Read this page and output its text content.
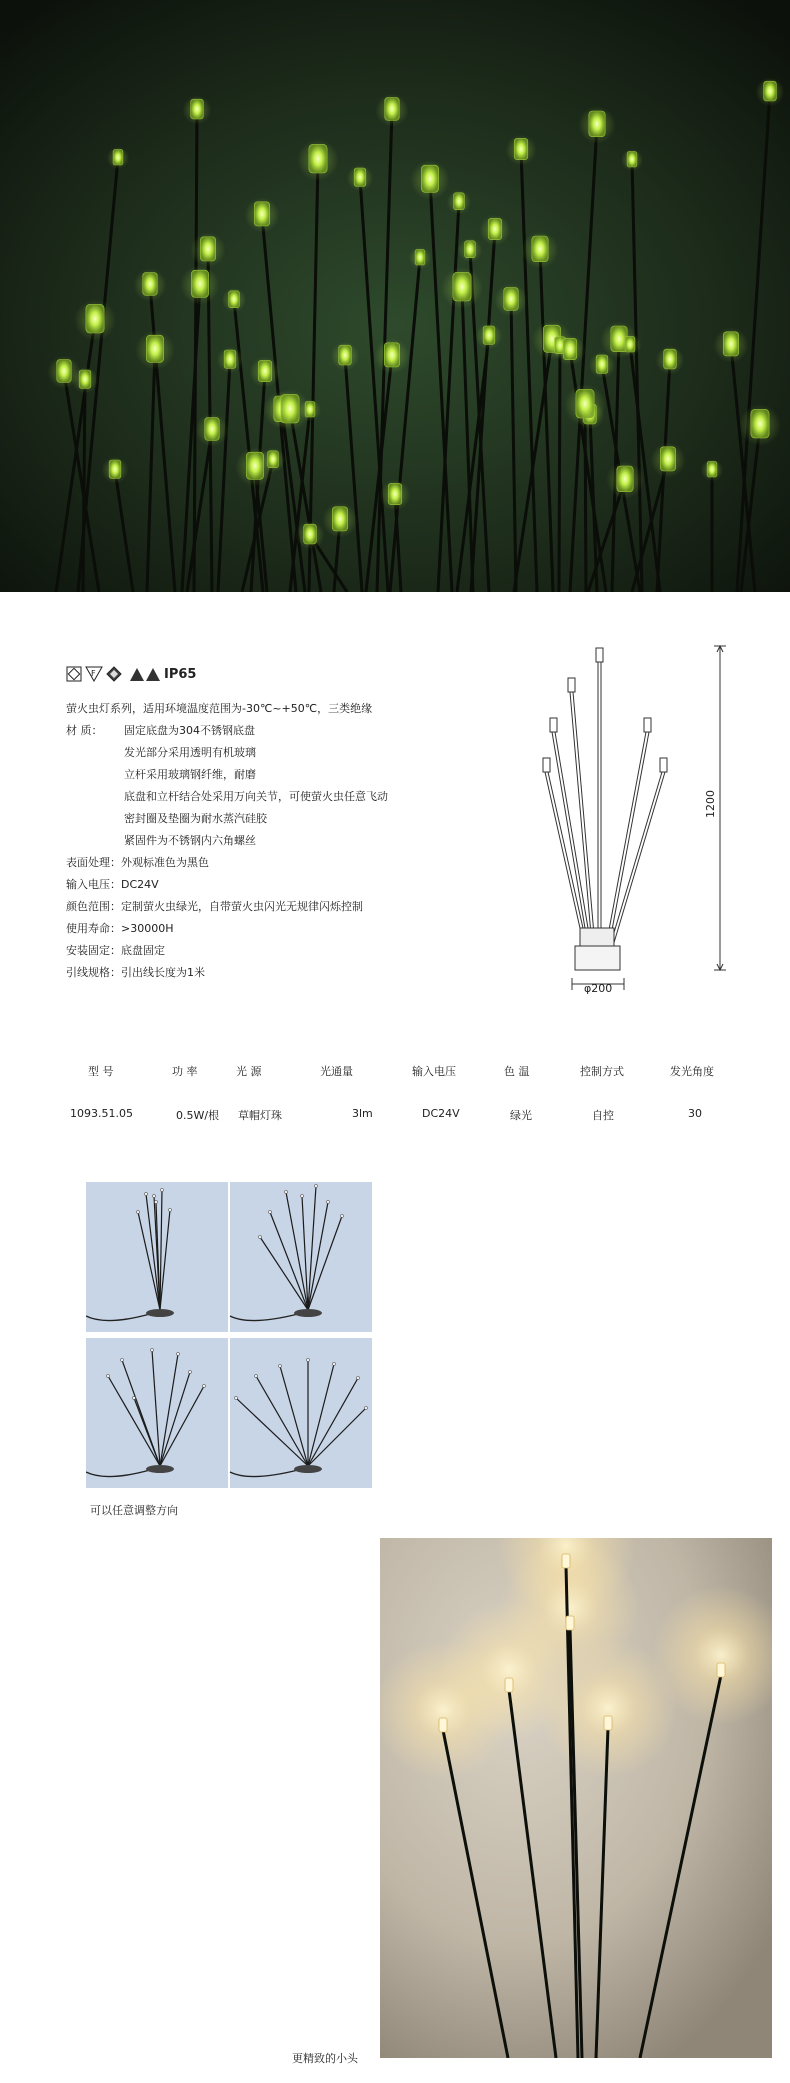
F	IP65
萤火虫灯系列，适用环境温度范围为-30℃~+50℃，三类绝缘
材 质： 固定底盘为304不锈钢底盘
发光部分采用透明有机玻璃
立杆采用玻璃钢纤维，耐磨
底盘和立杆结合处采用万向关节，可使萤火虫任意飞动
密封圈及垫圈为耐水蒸汽硅胶
紧固件为不锈钢内六角螺丝
表面处理：外观标准色为黑色
输入电压：DC24V
颜色范围：定制萤火虫绿光，自带萤火虫闪光无规律闪烁控制
使用寿命：>30000H
安装固定：底盘固定
引线规格：引出线长度为1米
1200
φ200
型 号	功 率	光 源	光通量	输入电压	色 温	控制方式	发光角度
1093.51.05	0.5W/根 草帽灯珠	3lm	DC24V	绿光	自控	30
可以任意调整方向
更精致的小头
